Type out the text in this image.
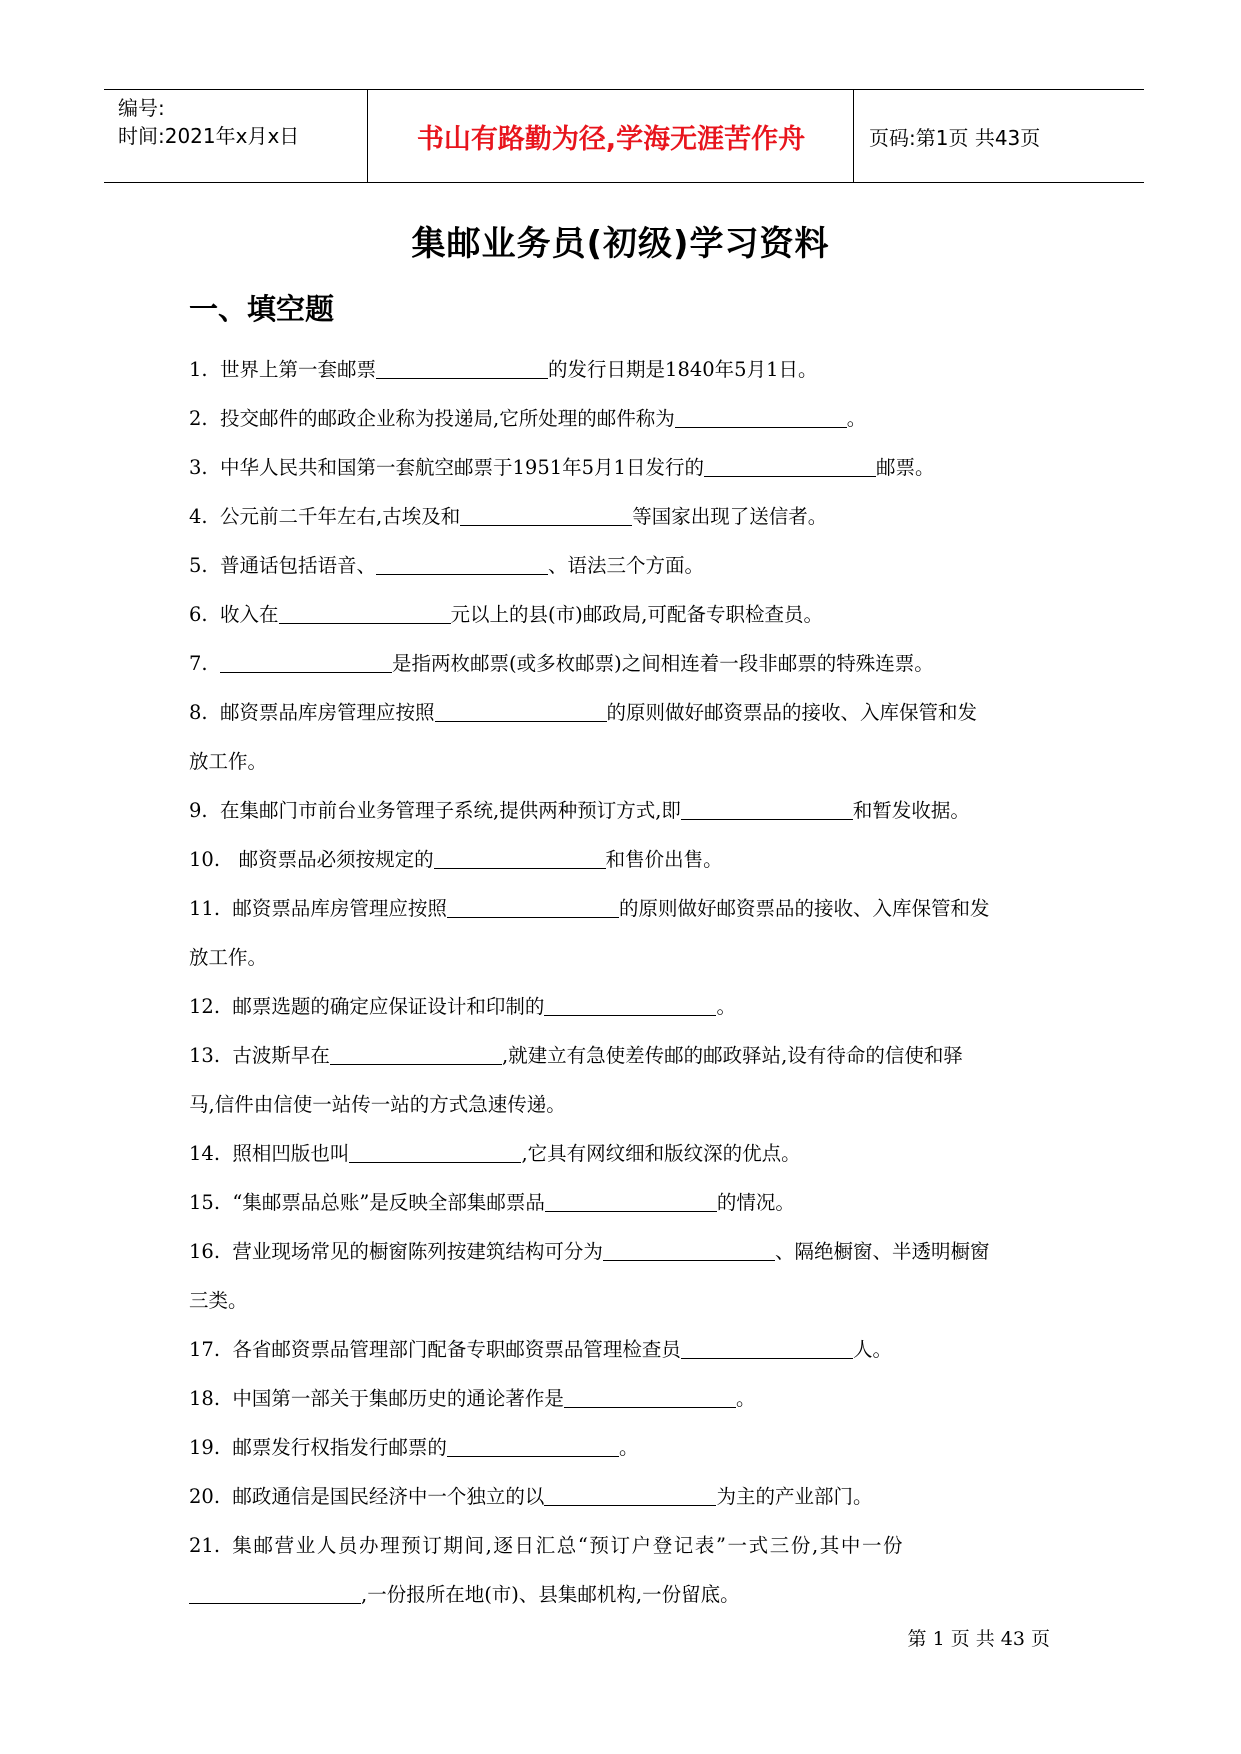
编号:
时间:2021年x月x日	书山有路勤为径,学海无涯苦作舟	页码:第1页 共43页
集邮业务员(初级)学习资料
一、填空题
1.  世界上第一套邮票	的发行日期是1840年5月1日。
2.  投交邮件的邮政企业称为投递局,它所处理的邮件称为	。
3.  中华人民共和国第一套航空邮票于1951年5月1日发行的	邮票。
4.  公元前二千年左右,古埃及和	等国家出现了送信者。
5.  普通话包括语音、	、语法三个方面。
6.  收入在	元以上的县(市)邮政局,可配备专职检查员。
7.	是指两枚邮票(或多枚邮票)之间相连着一段非邮票的特殊连票。
8.  邮资票品库房管理应按照	的原则做好邮资票品的接收、入库保管和发
放工作。
9.  在集邮门市前台业务管理子系统,提供两种预订方式,即	和暂发收据。
10.   邮资票品必须按规定的	和售价出售。
11.  邮资票品库房管理应按照	的原则做好邮资票品的接收、入库保管和发
放工作。
12.  邮票选题的确定应保证设计和印制的	。
13.  古波斯早在	,就建立有急使差传邮的邮政驿站,设有待命的信使和驿
马,信件由信使一站传一站的方式急速传递。
14.  照相凹版也叫	,它具有网纹细和版纹深的优点。
15.  “集邮票品总账”是反映全部集邮票品	的情况。
16.  营业现场常见的橱窗陈列按建筑结构可分为	、隔绝橱窗、半透明橱窗
三类。
17.  各省邮资票品管理部门配备专职邮资票品管理检查员	人。
18.  中国第一部关于集邮历史的通论著作是	。
19.  邮票发行权指发行邮票的	。
20.  邮政通信是国民经济中一个独立的以	为主的产业部门。
21.  集邮营业人员办理预订期间,逐日汇总“预订户登记表”一式三份,其中一份
,一份报所在地(市)、县集邮机构,一份留底。
第 1 页 共 43 页
